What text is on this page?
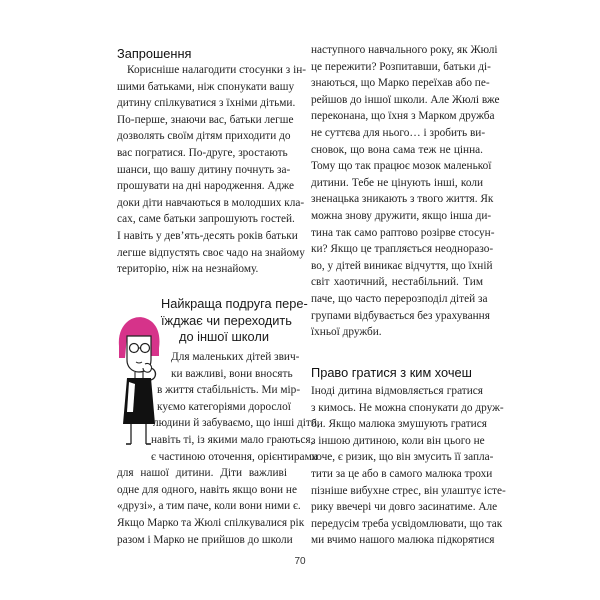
Запрошення
Корисніше налагодити стосунки з ін-
шими батьками, ніж спонукати вашу
дитину спілкуватися з їхніми дітьми.
По-перше, знаючи вас, батьки легше
дозволять своїм дітям приходити до
вас погратися. По-друге, зростають
шанси, що вашу дитину почнуть за-
прошувати на дні народження. Адже
доки діти навчаються в молодших кла-
сах, саме батьки запрошують гостей.
І навіть у дев’ять-десять років батьки
легше відпустять своє чадо на знайому
територію, ніж на незнайому.
Найкраща подруга пере-
їжджає чи переходить
до іншої школи
Для маленьких дітей звич-
ки важливі, вони вносять
в життя стабільність. Ми мір-
куємо категоріями дорослої
людини й забуваємо, що інші діти,
навіть ті, із якими мало граються,
є частиною оточення, орієнтирами
для нашої дитини. Діти важливі
одне для одного, навіть якщо вони не
«друзі», а тим паче, коли вони ними є.
Якщо Марко та Жюлі спілкувалися рік
разом і Марко не прийшов до школи
наступного навчального року, як Жюлі
це пережити? Розпитавши, батьки ді-
знаються, що Марко переїхав або пе-
рейшов до іншої школи. Але Жюлі вже
переконана, що їхня з Марком дружба
не суттєва для нього… і зробить ви-
сновок, що вона сама теж не цінна.
Тому що так працює мозок маленької
дитини. Тебе не цінують інші, коли
зненацька зникають з твого життя. Як
можна знову дружити, якщо інша ди-
тина так само раптово розірве стосун-
ки? Якщо це трапляється неодноразо-
во, у дітей виникає відчуття, що їхній
світ хаотичний, нестабільний. Тим
паче, що часто перерозподіл дітей за
групами відбувається без урахування
їхньої дружби.
Право гратися з ким хочеш
Іноді дитина відмовляється гратися
з кимось. Не можна спонукати до друж-
би. Якщо малюка змушують гратися
з іншою дитиною, коли він цього не
хоче, є ризик, що він змусить її запла-
тити за це або в самого малюка трохи
пізніше вибухне стрес, він улаштує істе-
рику ввечері чи довго засинатиме. Але
передусім треба усвідомлювати, що так
ми вчимо нашого малюка підкорятися
70
